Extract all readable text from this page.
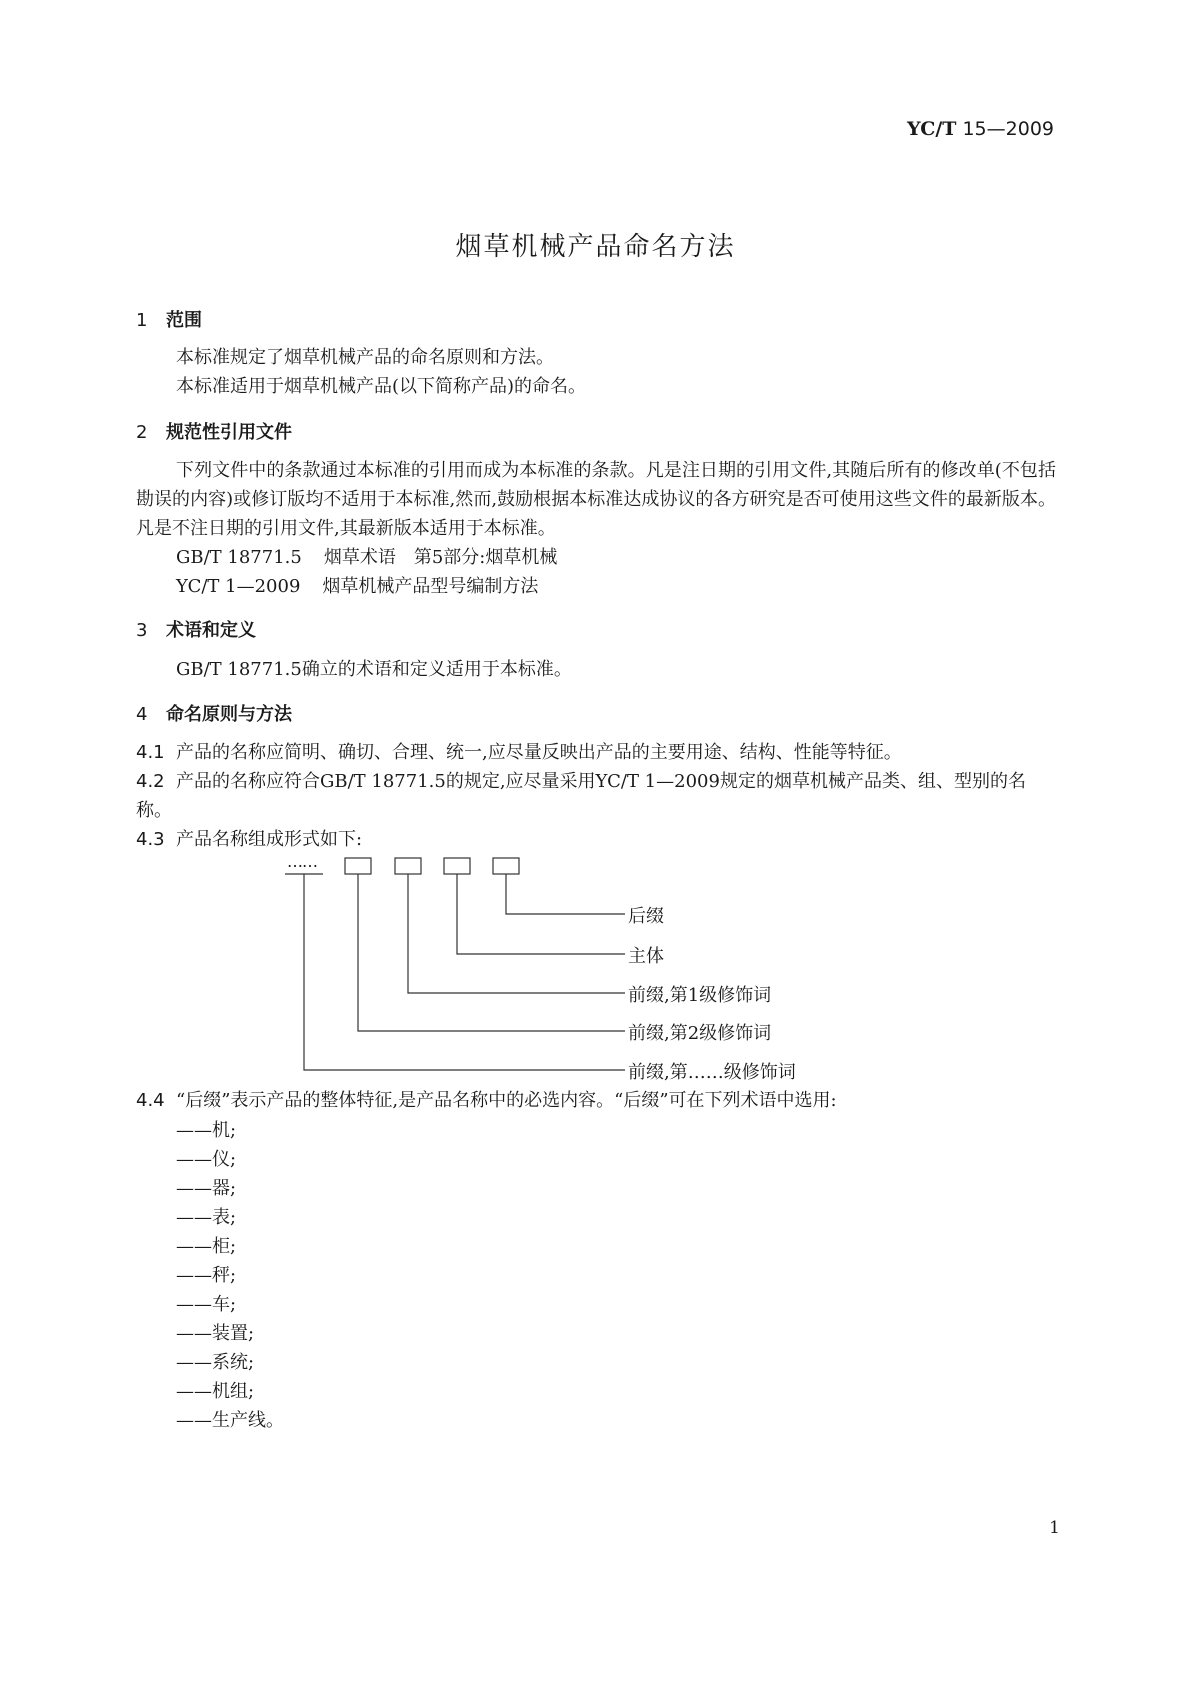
YC/T 15—2009
烟草机械产品命名方法
1 范围
本标准规定了烟草机械产品的命名原则和方法。
本标准适用于烟草机械产品(以下简称产品)的命名。
2 规范性引用文件
下列文件中的条款通过本标准的引用而成为本标准的条款。凡是注日期的引用文件,其随后所有的修改单(不包括勘误的内容)或修订版均不适用于本标准,然而,鼓励根据本标准达成协议的各方研究是否可使用这些文件的最新版本。凡是不注日期的引用文件,其最新版本适用于本标准。
GB/T 18771.5 烟草术语　第5部分:烟草机械
YC/T 1—2009 烟草机械产品型号编制方法
3 术语和定义
GB/T 18771.5确立的术语和定义适用于本标准。
4 命名原则与方法
4.1 产品的名称应简明、确切、合理、统一,应尽量反映出产品的主要用途、结构、性能等特征。
4.2 产品的名称应符合GB/T 18771.5的规定,应尽量采用YC/T 1—2009规定的烟草机械产品类、组、型别的名称。
4.3 产品名称组成形式如下:
……
后缀
主体
前缀,第1级修饰词
前缀,第2级修饰词
前缀,第……级修饰词
4.4 “后缀”表示产品的整体特征,是产品名称中的必选内容。“后缀”可在下列术语中选用:
——机;
——仪;
——器;
——表;
——柜;
——秤;
——车;
——装置;
——系统;
——机组;
——生产线。
1
